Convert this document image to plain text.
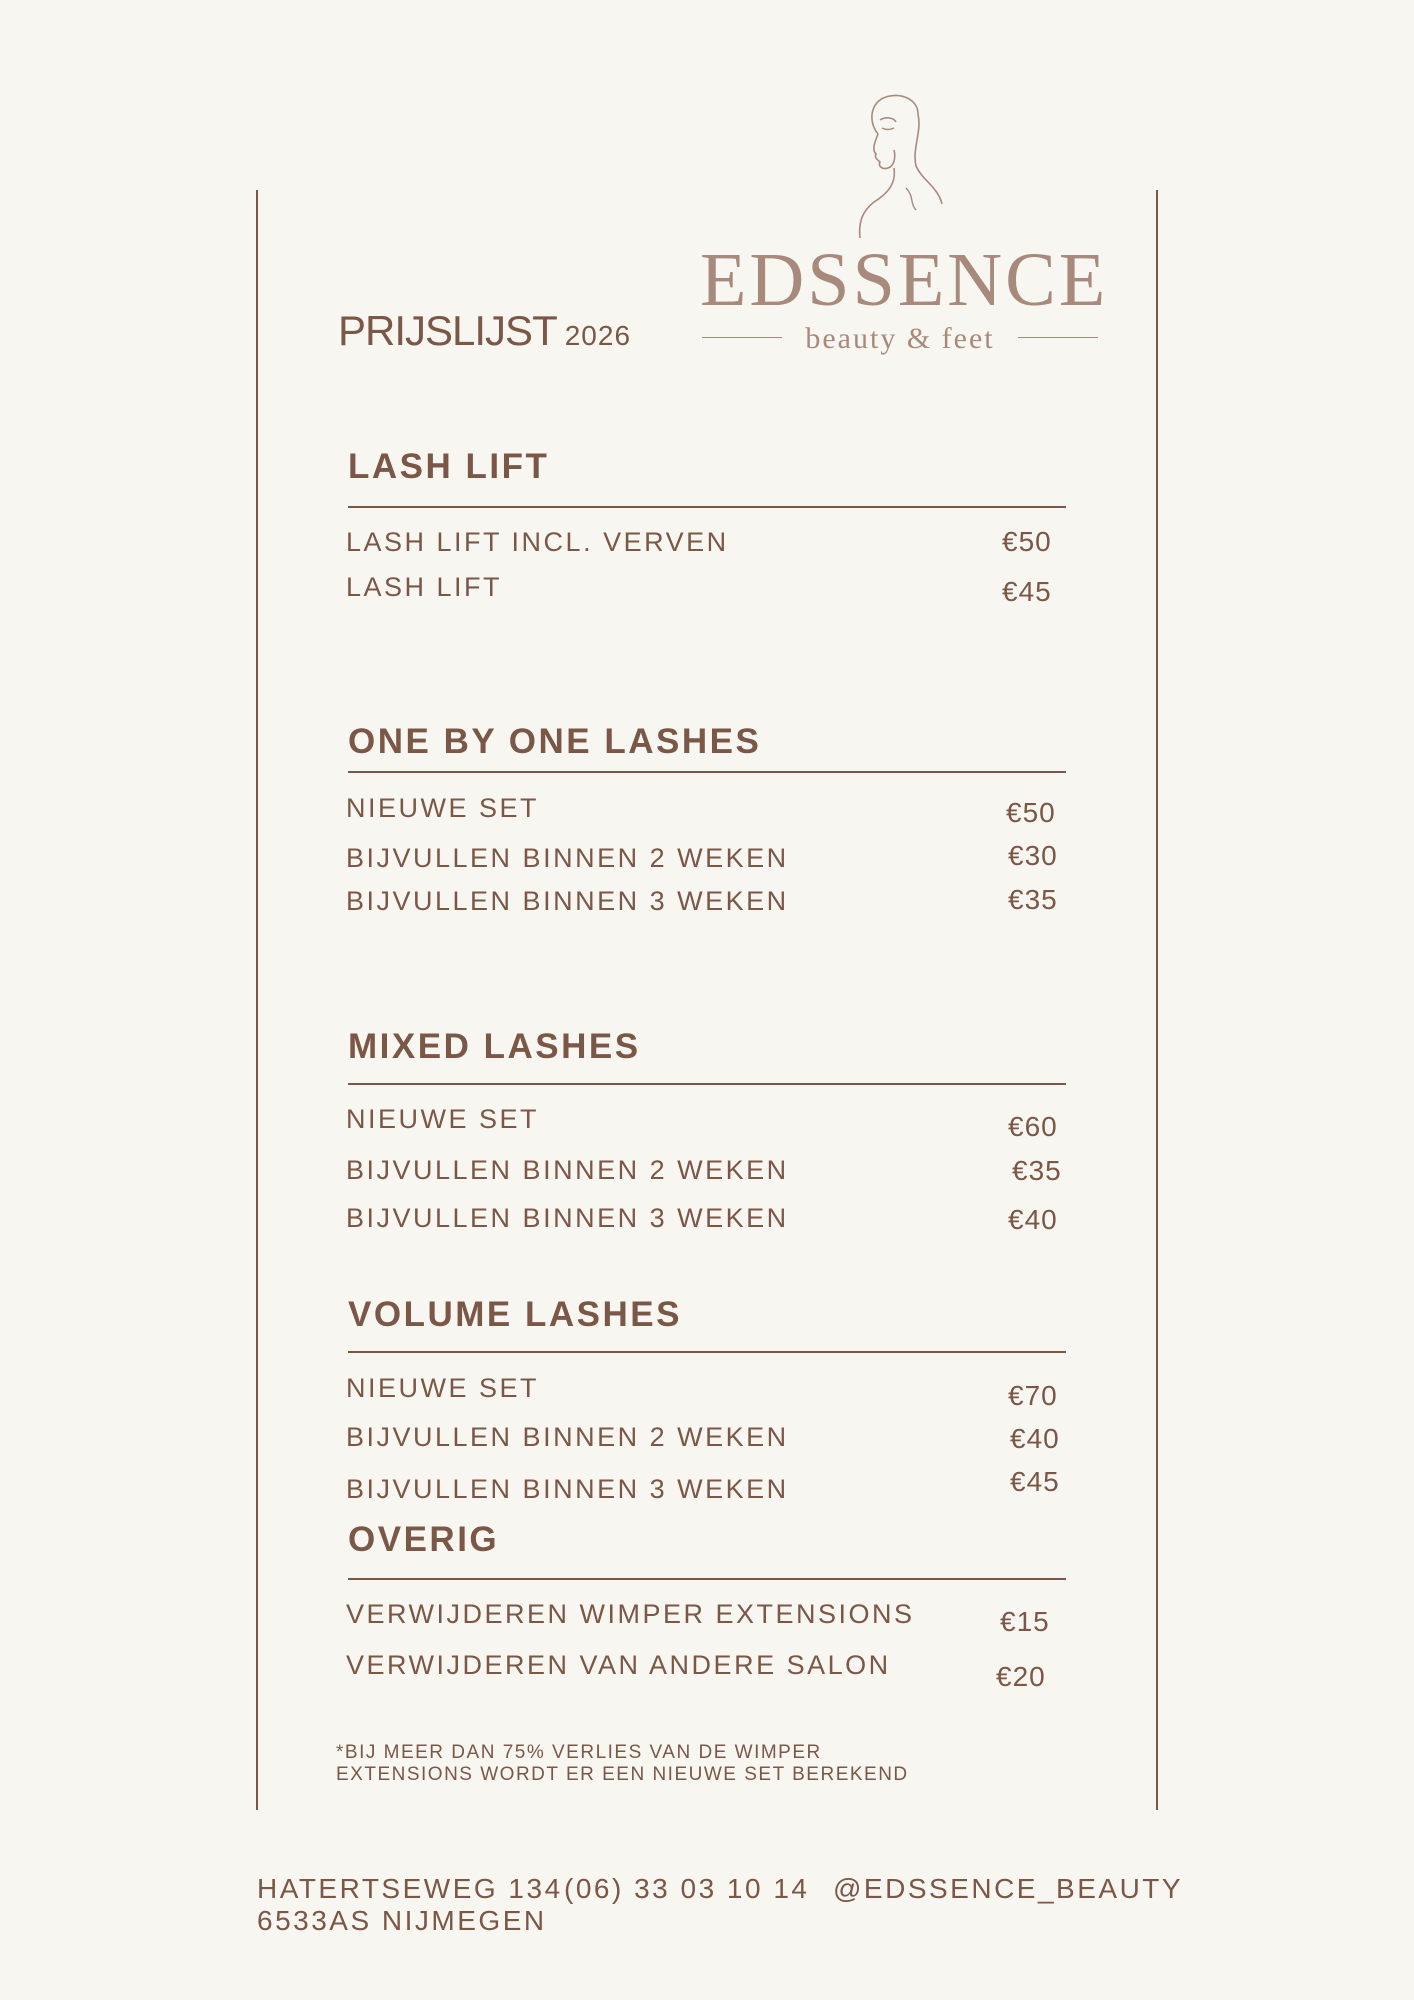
EDSSENCE
beauty & feet
PRIJSLIJST 2026
LASH LIFT
LASH LIFT INCL. VERVEN	€50
LASH LIFT	€45
ONE BY ONE LASHES
NIEUWE SET	€50
BIJVULLEN BINNEN 2 WEKEN	€30
BIJVULLEN BINNEN 3 WEKEN	€35
MIXED LASHES
NIEUWE SET	€60
BIJVULLEN BINNEN 2 WEKEN	€35
BIJVULLEN BINNEN 3 WEKEN	€40
VOLUME LASHES
NIEUWE SET	€70
BIJVULLEN BINNEN 2 WEKEN	€40
BIJVULLEN BINNEN 3 WEKEN	€45
OVERIG
VERWIJDEREN WIMPER EXTENSIONS	€15
VERWIJDEREN VAN ANDERE SALON	€20
*BIJ MEER DAN 75% VERLIES VAN DE WIMPER
EXTENSIONS WORDT ER EEN NIEUWE SET BEREKEND
HATERTSEWEG 134
6533AS NIJMEGEN
(06) 33 03 10 14 @EDSSENCE_BEAUTY
